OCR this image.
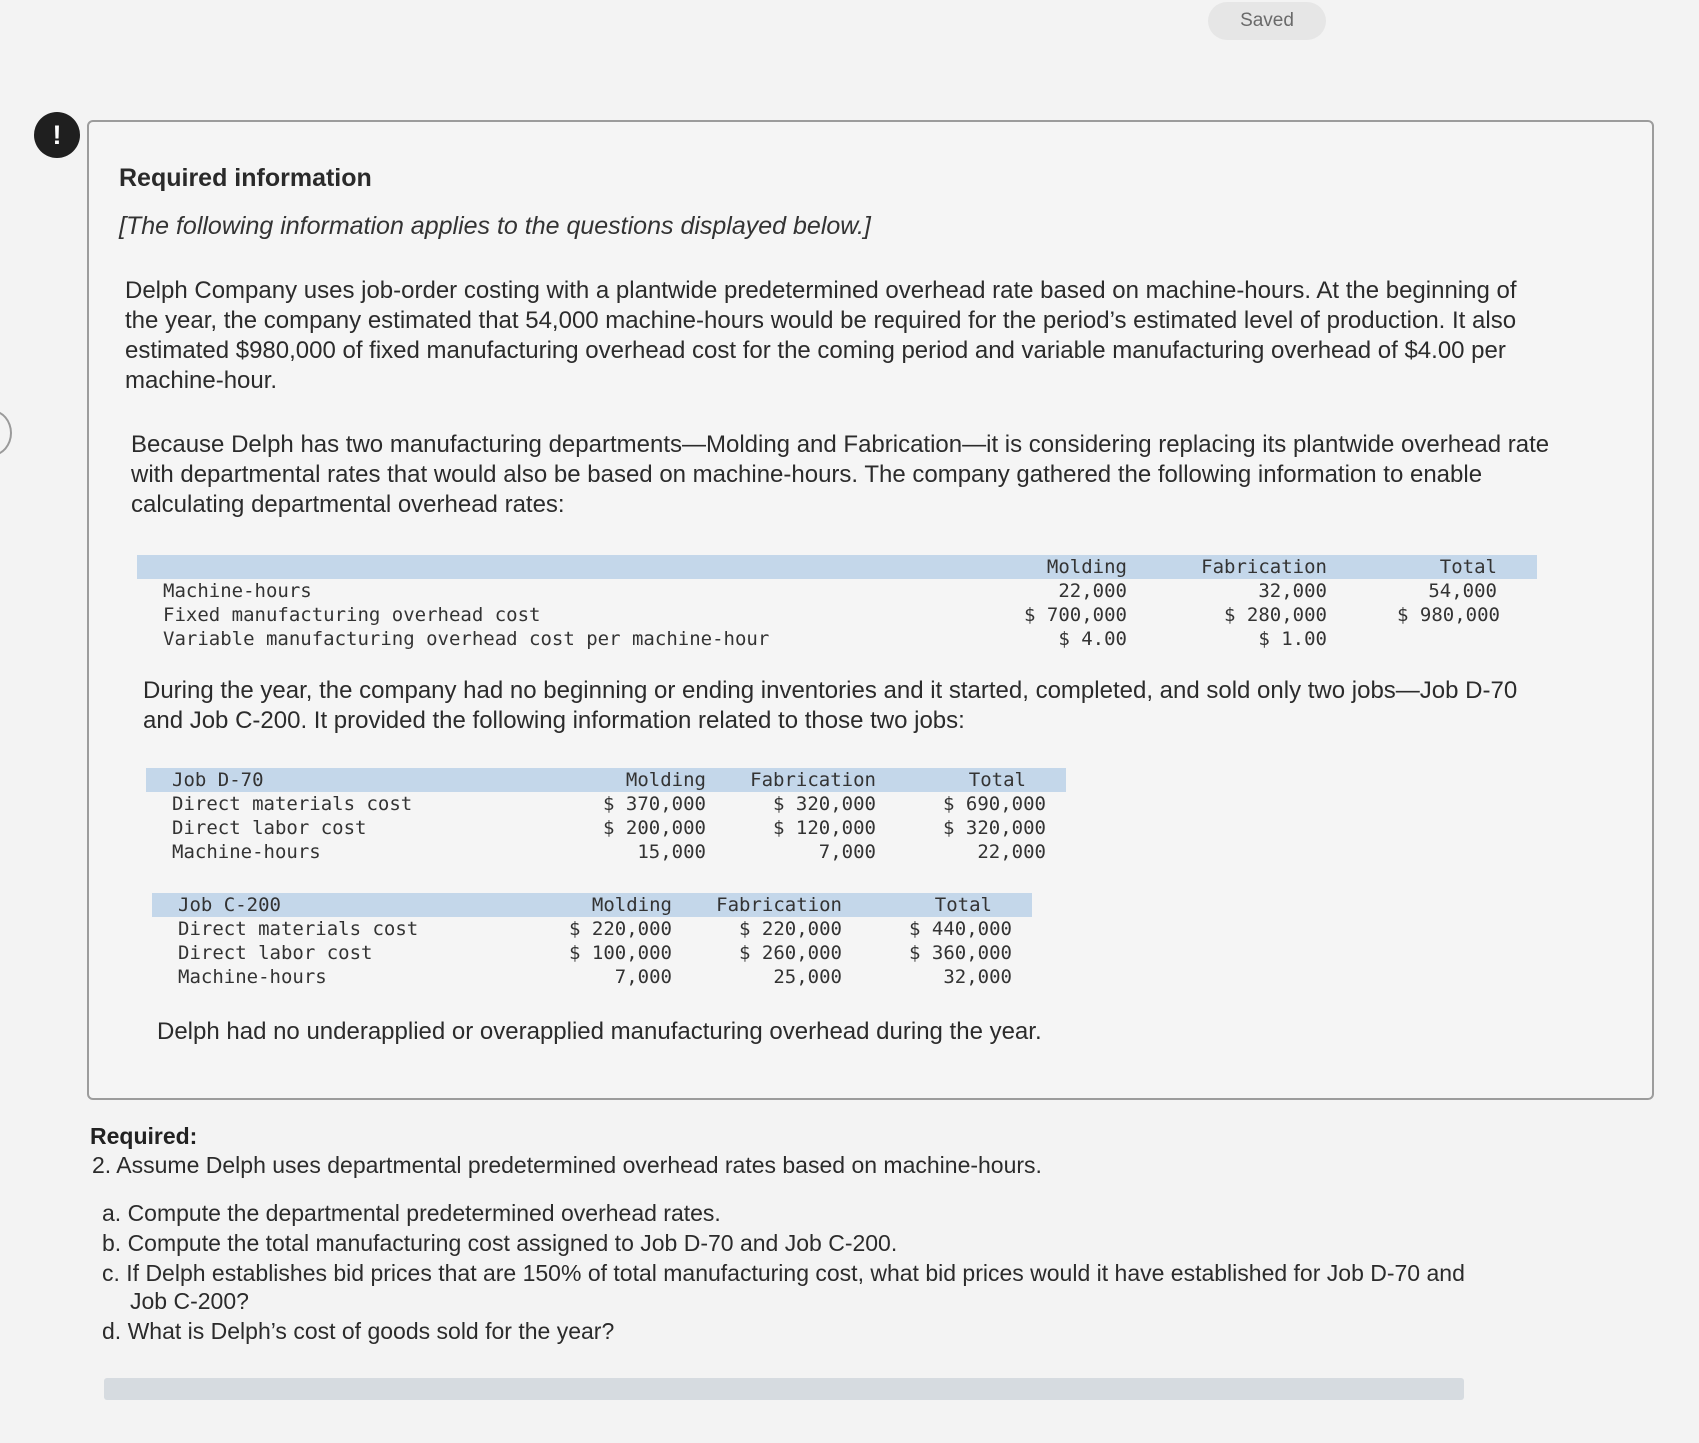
Saved
!
Required information
[The following information applies to the questions displayed below.]
Delph Company uses job-order costing with a plantwide predetermined overhead rate based on machine-hours. At the beginning of the year, the company estimated that 54,000 machine-hours would be required for the period’s estimated level of production. It also estimated $980,000 of fixed manufacturing overhead cost for the coming period and variable manufacturing overhead of $4.00 per machine-hour.
Because Delph has two manufacturing departments—Molding and Fabrication—it is considering replacing its plantwide overhead rate with departmental rates that would also be based on machine-hours. The company gathered the following information to enable calculating departmental overhead rates:
Molding	Fabrication	Total
Machine-hours	22,000	32,000	54,000
Fixed manufacturing overhead cost	$ 700,000	$ 280,000	$ 980,000
Variable manufacturing overhead cost per machine-hour	$ 4.00	$ 1.00
During the year, the company had no beginning or ending inventories and it started, completed, and sold only two jobs—Job D-70 and Job C-200. It provided the following information related to those two jobs:
Job D-70	Molding	Fabrication	Total
Direct materials cost	$ 370,000	$ 320,000	$ 690,000
Direct labor cost	$ 200,000	$ 120,000	$ 320,000
Machine-hours	15,000	7,000	22,000
Job C-200	Molding	Fabrication	Total
Direct materials cost	$ 220,000	$ 220,000	$ 440,000
Direct labor cost	$ 100,000	$ 260,000	$ 360,000
Machine-hours	7,000	25,000	32,000
Delph had no underapplied or overapplied manufacturing overhead during the year.
Required:
2. Assume Delph uses departmental predetermined overhead rates based on machine-hours.
a. Compute the departmental predetermined overhead rates.
b. Compute the total manufacturing cost assigned to Job D-70 and Job C-200.
c. If Delph establishes bid prices that are 150% of total manufacturing cost, what bid prices would it have established for Job D-70 and
Job C-200?
d. What is Delph’s cost of goods sold for the year?
